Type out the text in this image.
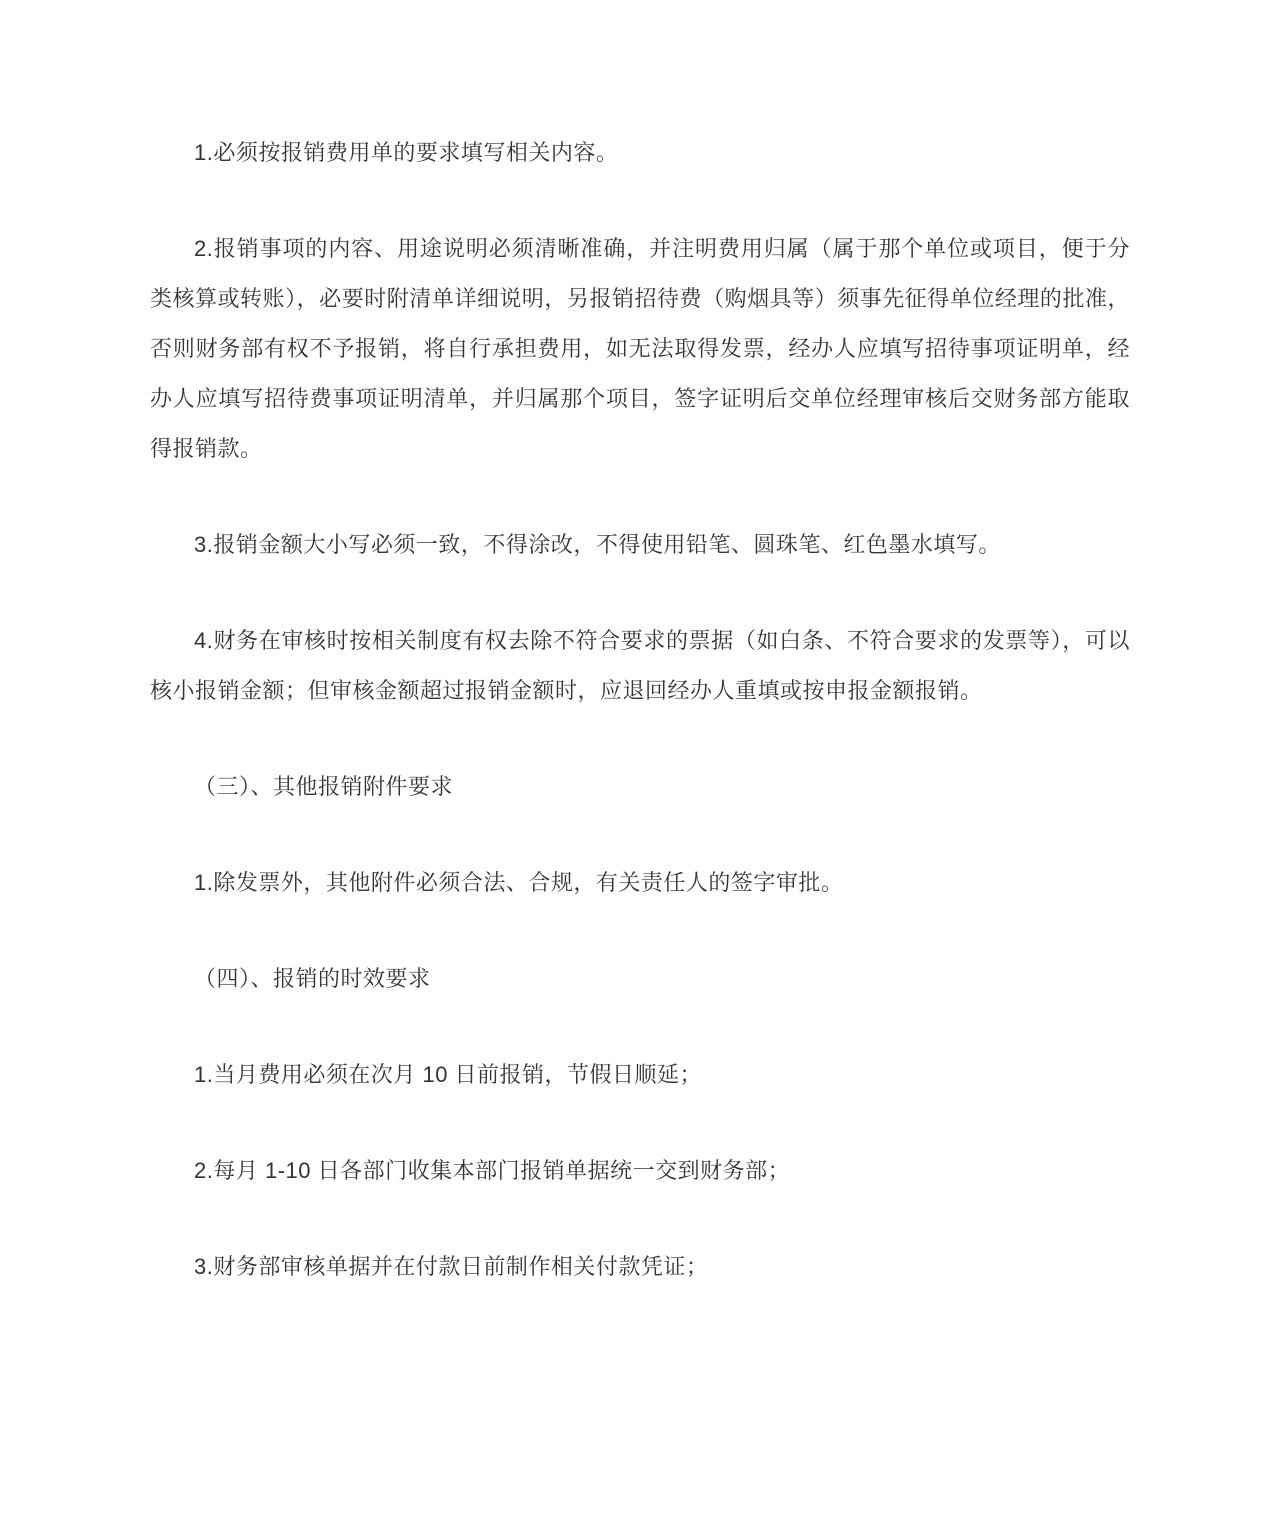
1.必须按报销费用单的要求填写相关内容。

2.报销事项的内容、用途说明必须清晰准确，并注明费用归属（属于那个单位或项目，便于分类核算或转账），必要时附清单详细说明，另报销招待费（购烟具等）须事先征得单位经理的批准，否则财务部有权不予报销，将自行承担费用，如无法取得发票，经办人应填写招待事项证明单，经办人应填写招待费事项证明清单，并归属那个项目，签字证明后交单位经理审核后交财务部方能取得报销款。

3.报销金额大小写必须一致，不得涂改，不得使用铅笔、圆珠笔、红色墨水填写。

4.财务在审核时按相关制度有权去除不符合要求的票据（如白条、不符合要求的发票等），可以核小报销金额；但审核金额超过报销金额时，应退回经办人重填或按申报金额报销。

（三）、其他报销附件要求

1.除发票外，其他附件必须合法、合规，有关责任人的签字审批。

（四）、报销的时效要求

1.当月费用必须在次月 10 日前报销，节假日顺延；

2.每月 1-10 日各部门收集本部门报销单据统一交到财务部；

3.财务部审核单据并在付款日前制作相关付款凭证；
